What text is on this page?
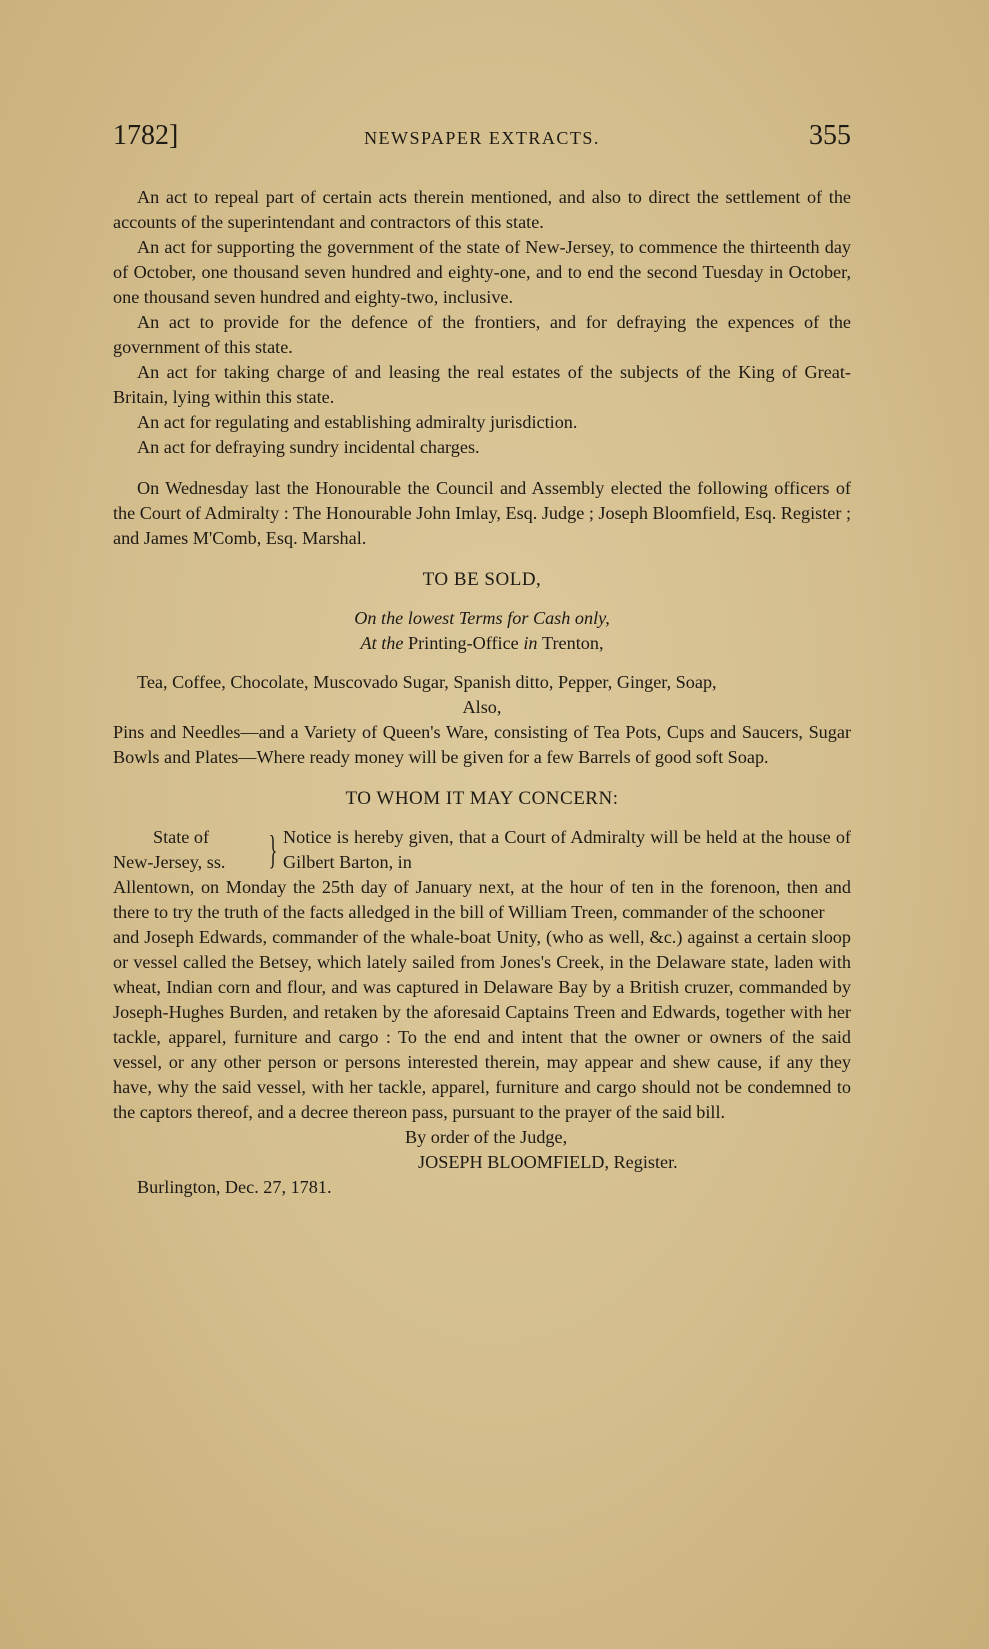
1782]	NEWSPAPER EXTRACTS.	355

An act to repeal part of certain acts therein mentioned, and also to direct the settlement of the accounts of the superintendant and contractors of this state.

An act for supporting the government of the state of New-Jersey, to commence the thirteenth day of October, one thousand seven hundred and eighty-one, and to end the second Tuesday in October, one thousand seven hundred and eighty-two, inclusive.

An act to provide for the defence of the frontiers, and for defraying the expences of the government of this state.

An act for taking charge of and leasing the real estates of the subjects of the King of Great-Britain, lying within this state.

An act for regulating and establishing admiralty jurisdiction.

An act for defraying sundry incidental charges.

On Wednesday last the Honourable the Council and Assembly elected the following officers of the Court of Admiralty : The Honourable John Imlay, Esq. Judge ; Joseph Bloomfield, Esq. Register ; and James M'Comb, Esq. Marshal.

TO BE SOLD,

On the lowest Terms for Cash only,

At the Printing-Office in Trenton,

Tea, Coffee, Chocolate, Muscovado Sugar, Spanish ditto, Pepper, Ginger, Soap,

Also,

Pins and Needles—and a Variety of Queen's Ware, consisting of Tea Pots, Cups and Saucers, Sugar Bowls and Plates—Where ready money will be given for a few Barrels of good soft Soap.

TO WHOM IT MAY CONCERN:

State of
New-Jersey, ss.	} Notice is hereby given, that a Court of Admiralty will be held at the house of Gilbert Barton, in

Allentown, on Monday the 25th day of January next, at the hour of ten in the forenoon, then and there to try the truth of the facts alledged in the bill of William Treen, commander of the schooner

and Joseph Edwards, commander of the whale-boat Unity, (who as well, &c.) against a certain sloop or vessel called the Betsey, which lately sailed from Jones's Creek, in the Delaware state, laden with wheat, Indian corn and flour, and was captured in Delaware Bay by a British cruzer, commanded by Joseph-Hughes Burden, and retaken by the aforesaid Captains Treen and Edwards, together with her tackle, apparel, furniture and cargo : To the end and intent that the owner or owners of the said vessel, or any other person or persons interested therein, may appear and shew cause, if any they have, why the said vessel, with her tackle, apparel, furniture and cargo should not be condemned to the captors thereof, and a decree thereon pass, pursuant to the prayer of the said bill.

By order of the Judge,

JOSEPH BLOOMFIELD, Register.

Burlington, Dec. 27, 1781.
